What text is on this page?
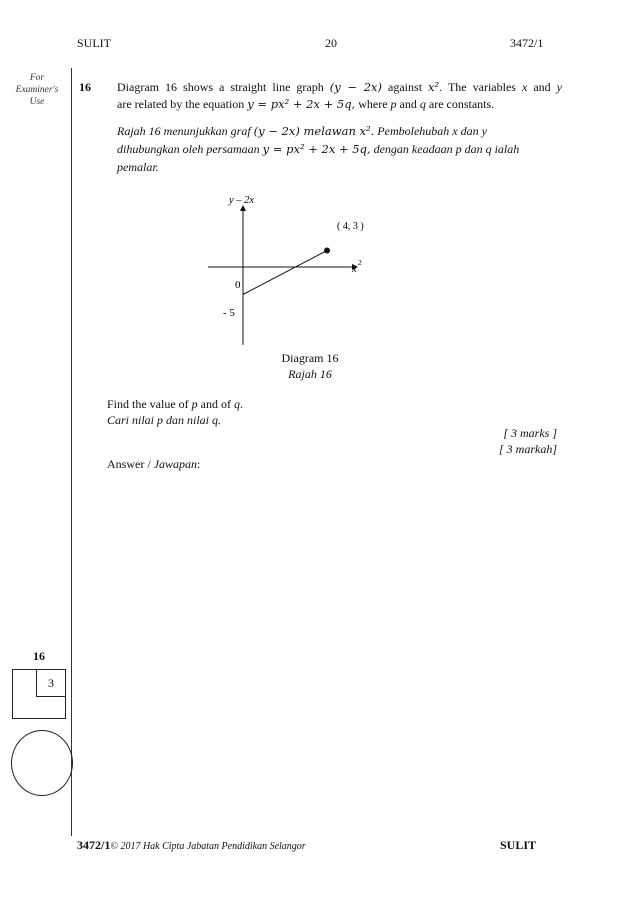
SULIT	20	3472/1
For
Examiner's
Use
16 Diagram 16 shows a straight line graph (y − 2x) against x². The variables x and y
are related by the equation y = px² + 2x + 5q, where p and q are constants.
Rajah 16 menunjukkan graf (y − 2x) melawan x². Pembolehubah x dan y
dihubungkan oleh persamaan y = px² + 2x + 5q, dengan keadaan p dan q ialah
pemalar.
y – 2x
x
2
0
- 5
( 4, 3 )
Diagram 16
Rajah 16
Find the value of p and of q.
Cari nilai p dan nilai q.
[ 3 marks ]
[ 3 markah]
Answer / Jawapan:
16
3
3472/1© 2017 Hak Cipta Jabatan Pendidikan Selangor	SULIT
